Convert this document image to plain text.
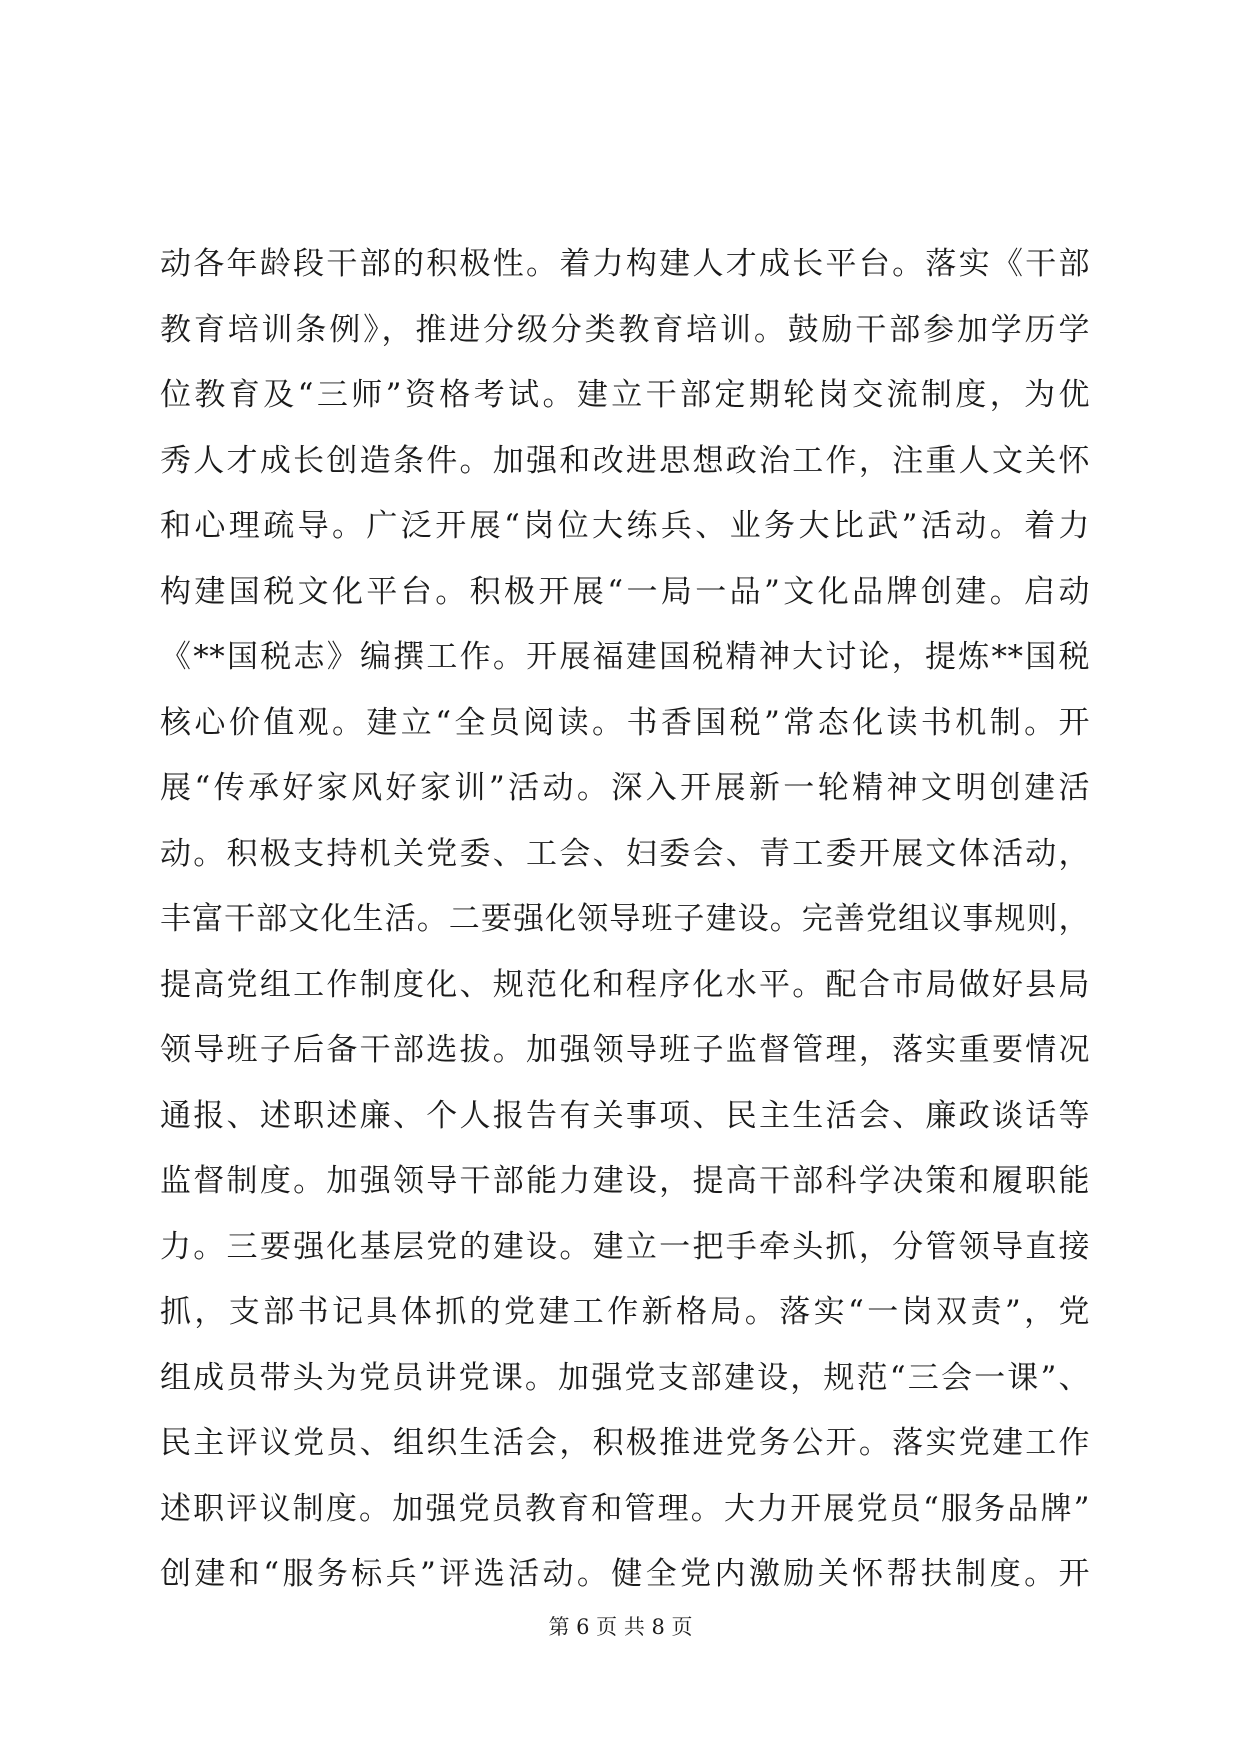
动各年龄段干部的积极性。着力构建人才成长平台。落实《干部
教育培训条例》，推进分级分类教育培训。鼓励干部参加学历学
位教育及“三师”资格考试。建立干部定期轮岗交流制度，为优
秀人才成长创造条件。加强和改进思想政治工作，注重人文关怀
和心理疏导。广泛开展“岗位大练兵、业务大比武”活动。着力
构建国税文化平台。积极开展“一局一品”文化品牌创建。启动
《**国税志》编撰工作。开展福建国税精神大讨论，提炼**国税
核心价值观。建立“全员阅读。书香国税”常态化读书机制。开
展“传承好家风好家训”活动。深入开展新一轮精神文明创建活
动。积极支持机关党委、工会、妇委会、青工委开展文体活动，
丰富干部文化生活。二要强化领导班子建设。完善党组议事规则，
提高党组工作制度化、规范化和程序化水平。配合市局做好县局
领导班子后备干部选拔。加强领导班子监督管理，落实重要情况
通报、述职述廉、个人报告有关事项、民主生活会、廉政谈话等
监督制度。加强领导干部能力建设，提高干部科学决策和履职能
力。三要强化基层党的建设。建立一把手牵头抓，分管领导直接
抓，支部书记具体抓的党建工作新格局。落实“一岗双责”，党
组成员带头为党员讲党课。加强党支部建设，规范“三会一课”、
民主评议党员、组织生活会，积极推进党务公开。落实党建工作
述职评议制度。加强党员教育和管理。大力开展党员“服务品牌”
创建和“服务标兵”评选活动。健全党内激励关怀帮扶制度。开
第 6 页 共 8 页
